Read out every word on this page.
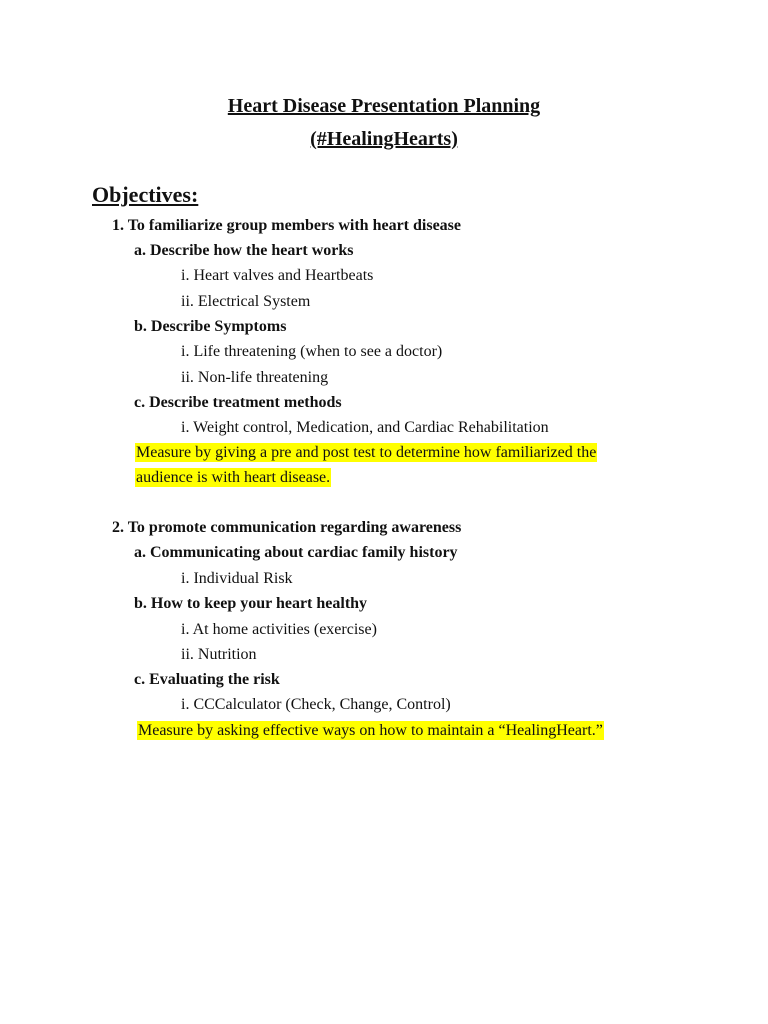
Heart Disease Presentation Planning
(#HealingHearts)
Objectives:
1. To familiarize group members with heart disease
a. Describe how the heart works
i. Heart valves and Heartbeats
ii. Electrical System
b. Describe Symptoms
i. Life threatening (when to see a doctor)
ii. Non-life threatening
c. Describe treatment methods
i. Weight control, Medication, and Cardiac Rehabilitation
Measure by giving a pre and post test to determine how familiarized the
audience is with heart disease.
2. To promote communication regarding awareness
a. Communicating about cardiac family history
i. Individual Risk
b. How to keep your heart healthy
i. At home activities (exercise)
ii. Nutrition
c. Evaluating the risk
i. CCCalculator (Check, Change, Control)
Measure by asking effective ways on how to maintain a “HealingHeart.”
